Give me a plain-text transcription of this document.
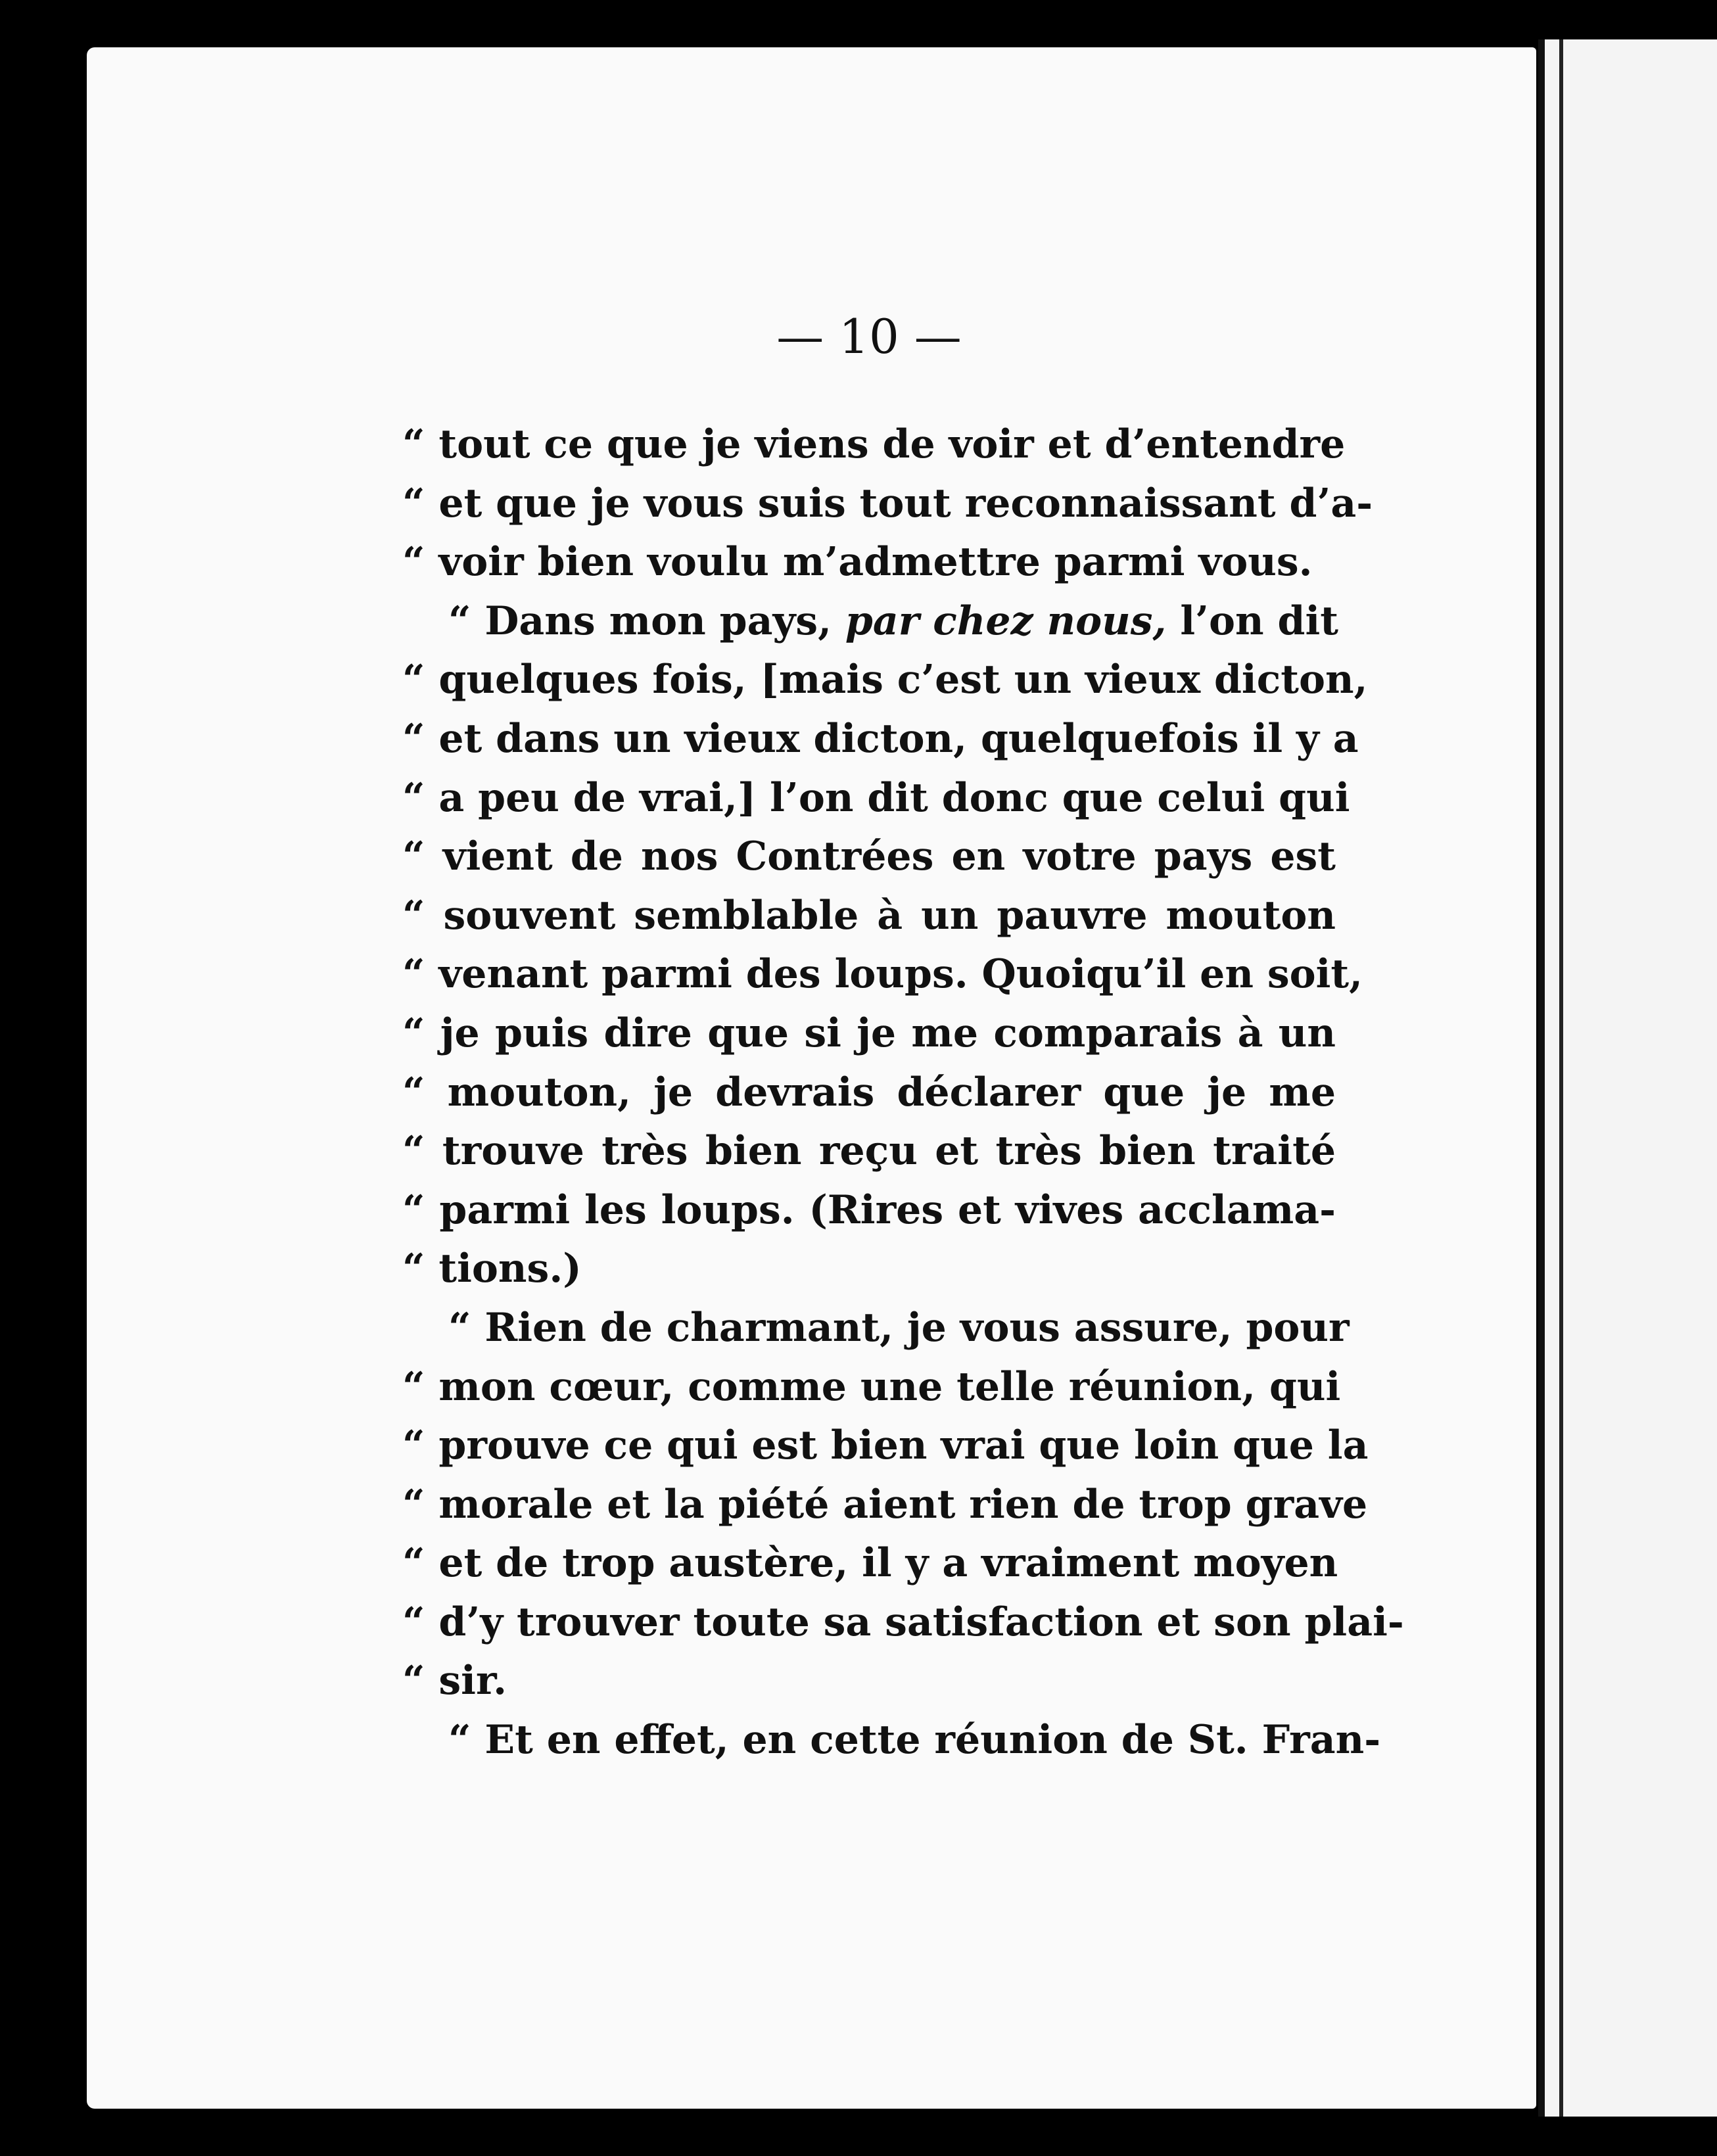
— 10 —
“ tout ce que je viens de voir et d’entendre
“ et que je vous suis tout reconnaissant d’a-
“ voir bien voulu m’admettre parmi vous.
“ Dans mon pays, par chez nous, l’on dit
“ quelques fois, [mais c’est un vieux dicton,
“ et dans un vieux dicton, quelquefois il y a
“ a peu de vrai,] l’on dit donc que celui qui
“ vient de nos Contrées en votre pays est
“ souvent semblable à un pauvre mouton
“ venant parmi des loups. Quoiqu’il en soit,
“ je puis dire que si je me comparais à un
“ mouton, je devrais déclarer que je me
“ trouve très bien reçu et très bien traité
“ parmi les loups. (Rires et vives acclama-
“ tions.)
“ Rien de charmant, je vous assure, pour
“ mon cœur, comme une telle réunion, qui
“ prouve ce qui est bien vrai que loin que la
“ morale et la piété aient rien de trop grave
“ et de trop austère, il y a vraiment moyen
“ d’y trouver toute sa satisfaction et son plai-
“ sir.
“ Et en effet, en cette réunion de St. Fran-
